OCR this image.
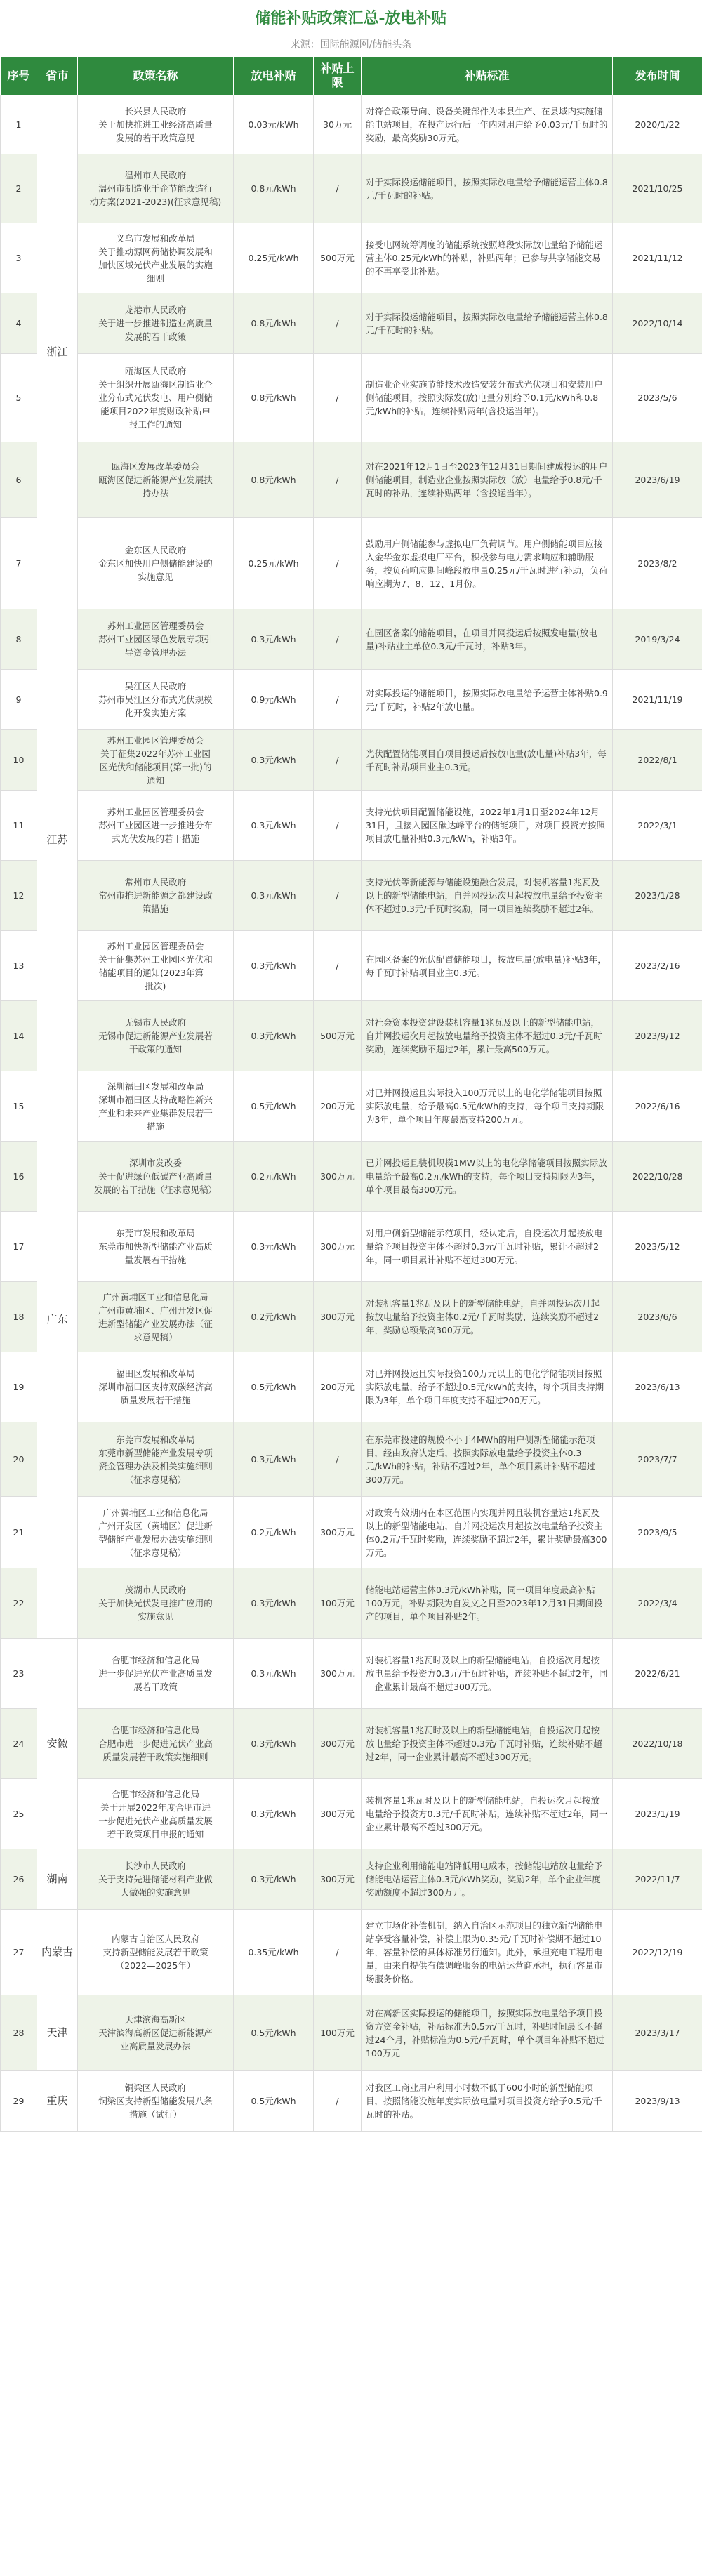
储能补贴政策汇总-放电补贴
来源：国际能源网/储能头条
序号	省市	政策名称	放电补贴	补贴上限	补贴标准	发布时间
1	浙江	长兴县人民政府
关于加快推进工业经济高质量
发展的若干政策意见	0.03元/kWh	30万元	对符合政策导向、设备关键部件为本县生产、在县域内实施储能电站项目，在投产运行后一年内对用户给予0.03元/千瓦时的奖励，最高奖励30万元。	2020/1/22
2		温州市人民政府
温州市制造业千企节能改造行
动方案(2021-2023)(征求意见稿)	0.8元/kWh	/	对于实际投运储能项目，按照实际放电量给予储能运营主体0.8元/千瓦时的补贴。	2021/10/25
3		义乌市发展和改革局
关于推动源网荷储协调发展和
加快区域光伏产业发展的实施
细则	0.25元/kWh	500万元	接受电网统筹调度的储能系统按照峰段实际放电量给予储能运营主体0.25元/kWh的补贴，补贴两年；已参与共享储能交易的不再享受此补贴。	2021/11/12
4		龙港市人民政府
关于进一步推进制造业高质量
发展的若干政策	0.8元/kWh	/	对于实际投运储能项目，按照实际放电量给予储能运营主体0.8元/千瓦时的补贴。	2022/10/14
5		瓯海区人民政府
关于组织开展瓯海区制造业企
业分布式光伏发电、用户侧储
能项目2022年度财政补贴申
报工作的通知	0.8元/kWh	/	制造业企业实施节能技术改造安装分布式光伏项目和安装用户侧储能项目，按照实际发(放)电量分别给予0.1元/kWh和0.8元/kWh的补贴，连续补贴两年(含投运当年)。	2023/5/6
6		瓯海区发展改革委员会
瓯海区促进新能源产业发展扶
持办法	0.8元/kWh	/	对在2021年12月1日至2023年12月31日期间建成投运的用户侧储能项目，制造业企业按照实际放（放）电量给予0.8元/千瓦时的补贴，连续补贴两年（含投运当年）。	2023/6/19
7		金东区人民政府
金东区加快用户侧储能建设的
实施意见	0.25元/kWh	/	鼓励用户侧储能参与虚拟电厂负荷调节。用户侧储能项目应接入金华金东虚拟电厂平台，积极参与电力需求响应和辅助服务，按负荷响应期间峰段放电量0.25元/千瓦时进行补助，负荷响应期为7、8、12、1月份。	2023/8/2
8	江苏	苏州工业园区管理委员会
苏州工业园区绿色发展专项引
导资金管理办法	0.3元/kWh	/	在园区备案的储能项目，在项目并网投运后按照发电量(放电量)补贴业主单位0.3元/千瓦时，补贴3年。	2019/3/24
9		吴江区人民政府
苏州市吴江区分布式光伏规模
化开发实施方案	0.9元/kWh	/	对实际投运的储能项目，按照实际放电量给予运营主体补贴0.9元/千瓦时，补贴2年放电量。	2021/11/19
10		苏州工业园区管理委员会
关于征集2022年苏州工业园
区光伏和储能项目(第一批)的
通知	0.3元/kWh	/	光伏配置储能项目自项目投运后按放电量(放电量)补贴3年，每千瓦时补贴项目业主0.3元。	2022/8/1
11		苏州工业园区管理委员会
苏州工业园区进一步推进分布
式光伏发展的若干措施	0.3元/kWh	/	支持光伏项目配置储能设施，2022年1月1日至2024年12月31日，且接入园区碳达峰平台的储能项目，对项目投资方按照项目放电量补贴0.3元/kWh，补贴3年。	2022/3/1
12		常州市人民政府
常州市推进新能源之都建设政
策措施	0.3元/kWh	/	支持光伏等新能源与储能设施融合发展，对装机容量1兆瓦及以上的新型储能电站，自并网投运次月起按放电量给予投资主体不超过0.3元/千瓦时奖励，同一项目连续奖励不超过2年。	2023/1/28
13		苏州工业园区管理委员会
关于征集苏州工业园区光伏和
储能项目的通知(2023年第一
批次)	0.3元/kWh	/	在园区备案的光伏配置储能项目，按放电量(放电量)补贴3年，每千瓦时补贴项目业主0.3元。	2023/2/16
14		无锡市人民政府
无锡市促进新能源产业发展若
干政策的通知	0.3元/kWh	500万元	对社会资本投资建设装机容量1兆瓦及以上的新型储能电站，自并网投运次月起按放电量给予投资主体不超过0.3元/千瓦时奖励，连续奖励不超过2年，累计最高500万元。	2023/9/12
15	广东	深圳福田区发展和改革局
深圳市福田区支持战略性新兴
产业和未来产业集群发展若干
措施	0.5元/kWh	200万元	对已并网投运且实际投入100万元以上的电化学储能项目按照实际放电量，给予最高0.5元/kWh的支持，每个项目支持期限为3年，单个项目年度最高支持200万元。	2022/6/16
16		深圳市发改委
关于促进绿色低碳产业高质量
发展的若干措施（征求意见稿）	0.2元/kWh	300万元	已并网投运且装机规模1MW以上的电化学储能项目按照实际放电量给予最高0.2元/kWh的支持，每个项目支持期限为3年，单个项目最高300万元。	2022/10/28
17		东莞市发展和改革局
东莞市加快新型储能产业高质
量发展若干措施	0.3元/kWh	300万元	对用户侧新型储能示范项目，经认定后，自投运次月起按放电量给予项目投资主体不超过0.3元/千瓦时补贴，累计不超过2年，同一项目累计补贴不超过300万元。	2023/5/12
18		广州黄埔区工业和信息化局
广州市黄埔区、广州开发区促
进新型储能产业发展办法（征
求意见稿）	0.2元/kWh	300万元	对装机容量1兆瓦及以上的新型储能电站，自并网投运次月起按放电量给予投资主体0.2元/千瓦时奖励，连续奖励不超过2年，奖励总额最高300万元。	2023/6/6
19		福田区发展和改革局
深圳市福田区支持双碳经济高
质量发展若干措施	0.5元/kWh	200万元	对已并网投运且实际投资100万元以上的电化学储能项目按照实际放电量，给予不超过0.5元/kWh的支持，每个项目支持期限为3年，单个项目年度支持不超过200万元。	2023/6/13
20		东莞市发展和改革局
东莞市新型储能产业发展专项
资金管理办法及相关实施细则
（征求意见稿）	0.3元/kWh	/	在东莞市投建的规模不小于4MWh的用户侧新型储能示范项目，经由政府认定后，按照实际放电量给予投资主体0.3元/kWh的补贴，补贴不超过2年，单个项目累计补贴不超过300万元。	2023/7/7
21		广州黄埔区工业和信息化局
广州开发区（黄埔区）促进新
型储能产业发展办法实施细则
（征求意见稿）	0.2元/kWh	300万元	对政策有效期内在本区范围内实现并网且装机容量达1兆瓦及以上的新型储能电站，自并网投运次月起按放电量给予投资主体0.2元/千瓦时奖励，连续奖励不超过2年，累计奖励最高300万元。	2023/9/5
22		茂湖市人民政府
关于加快光伏发电推广应用的
实施意见	0.3元/kWh	100万元	储能电站运营主体0.3元/kWh补贴，同一项目年度最高补贴100万元，补贴期限为自发文之日至2023年12月31日期间投产的项目，单个项目补贴2年。	2022/3/4
23	安徽	合肥市经济和信息化局
进一步促进光伏产业高质量发
展若干政策	0.3元/kWh	300万元	对装机容量1兆瓦时及以上的新型储能电站，自投运次月起按放电量给予投资方0.3元/千瓦时补贴，连续补贴不超过2年，同一企业累计最高不超过300万元。	2022/6/21
24		合肥市经济和信息化局
合肥市进一步促进光伏产业高
质量发展若干政策实施细则	0.3元/kWh	300万元	对装机容量1兆瓦时及以上的新型储能电站，自投运次月起按放电量给予投资主体不超过0.3元/千瓦时补贴，连续补贴不超过2年，同一企业累计最高不超过300万元。	2022/10/18
25		合肥市经济和信息化局
关于开展2022年度合肥市进
一步促进光伏产业高质量发展
若干政策项目申报的通知	0.3元/kWh	300万元	装机容量1兆瓦时及以上的新型储能电站，自投运次月起按放电量给予投资方0.3元/千瓦时补贴，连续补贴不超过2年，同一企业累计最高不超过300万元。	2023/1/19
26	湖南	长沙市人民政府
关于支持先进储能材料产业做
大做强的实施意见	0.3元/kWh	300万元	支持企业利用储能电站降低用电成本，按储能电站放电量给予储能电站运营主体0.3元/kWh奖励，奖励2年，单个企业年度奖励额度不超过300万元。	2022/11/7
27	内蒙古	内蒙古自治区人民政府
支持新型储能发展若干政策
（2022—2025年）	0.35元/kWh	/	建立市场化补偿机制，纳入自治区示范项目的独立新型储能电站享受容量补偿，补偿上限为0.35元/千瓦时补偿期不超过10年，容量补偿的具体标准另行通知。此外，承担充电工程用电量，由来自提供有偿调峰服务的电站运营商承担，执行容量市场服务价格。	2022/12/19
28	天津	天津滨海高新区
天津滨海高新区促进新能源产
业高质量发展办法	0.5元/kWh	100万元	对在高新区实际投运的储能项目，按照实际放电量给予项目投资方资金补贴，补贴标准为0.5元/千瓦时，补贴时间最长不超过24个月，补贴标准为0.5元/千瓦时，单个项目年补贴不超过100万元	2023/3/17
29	重庆	铜梁区人民政府
铜梁区支持新型储能发展八条
措施（试行）	0.5元/kWh	/	对我区工商业用户利用小时数不低于600小时的新型储能项目，按照储能设施年度实际放电量对项目投资方给予0.5元/千瓦时的补贴。	2023/9/13
